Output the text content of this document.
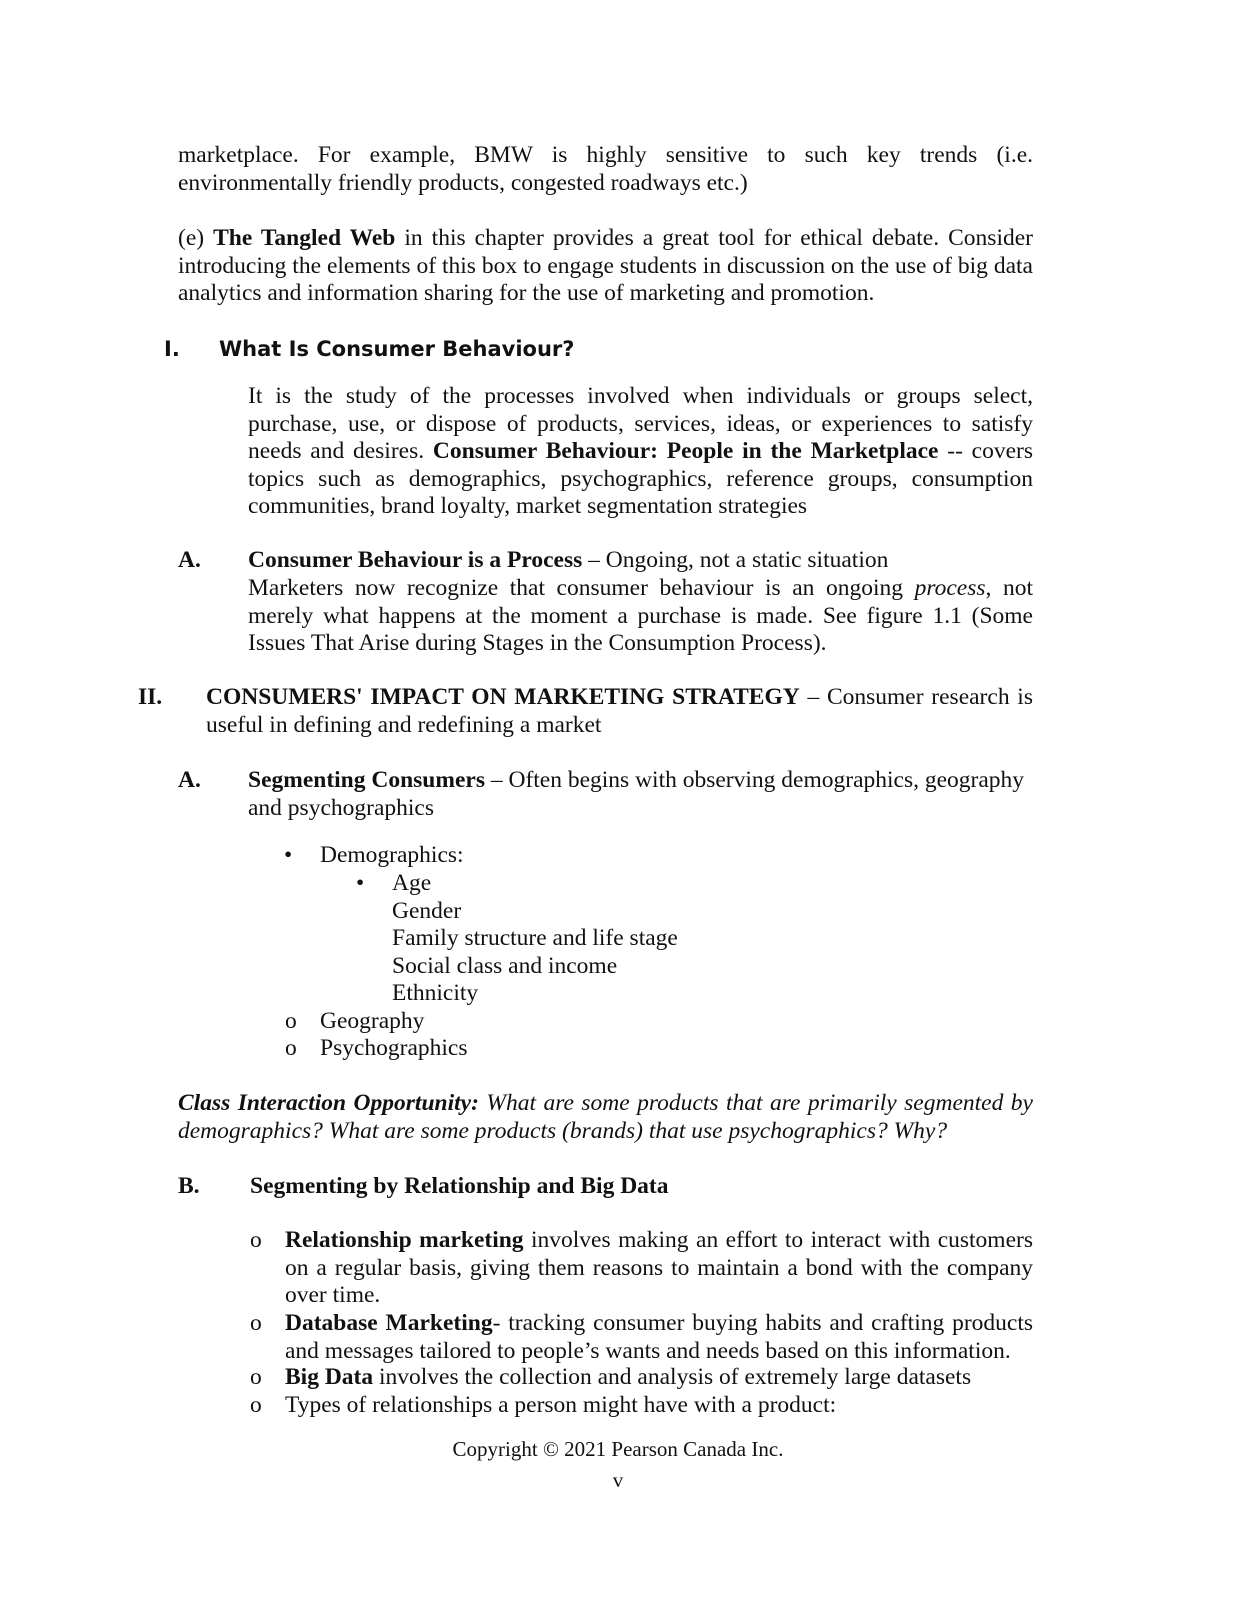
marketplace. For example, BMW is highly sensitive to such key trends (i.e.

environmentally friendly products, congested roadways etc.)

(e) The Tangled Web in this chapter provides a great tool for ethical debate. Consider introducing the elements of this box to engage students in discussion on the use of big data analytics and information sharing for the use of marketing and promotion.

I. What Is Consumer Behaviour?

It is the study of the processes involved when individuals or groups select, purchase, use, or dispose of products, services, ideas, or experiences to satisfy needs and desires. Consumer Behaviour: People in the Marketplace -- covers topics such as demographics, psychographics, reference groups, consumption communities, brand loyalty, market segmentation strategies

A. Consumer Behaviour is a Process – Ongoing, not a static situation

Marketers now recognize that consumer behaviour is an ongoing process, not merely what happens at the moment a purchase is made. See figure 1.1 (Some Issues That Arise during Stages in the Consumption Process).

II. CONSUMERS' IMPACT ON MARKETING STRATEGY – Consumer research is useful in defining and redefining a market

A. Segmenting Consumers – Often begins with observing demographics, geography and psychographics

• Demographics:
• Age
Gender
Family structure and life stage
Social class and income
Ethnicity
o Geography
o Psychographics

Class Interaction Opportunity: What are some products that are primarily segmented by demographics? What are some products (brands) that use psychographics? Why?

B. Segmenting by Relationship and Big Data
o Relationship marketing involves making an effort to interact with customers on a regular basis, giving them reasons to maintain a bond with the company over time.

o Database Marketing- tracking consumer buying habits and crafting products and messages tailored to people’s wants and needs based on this information.

o Big Data involves the collection and analysis of extremely large datasets

o Types of relationships a person might have with a product:

Copyright © 2021 Pearson Canada Inc.
v
